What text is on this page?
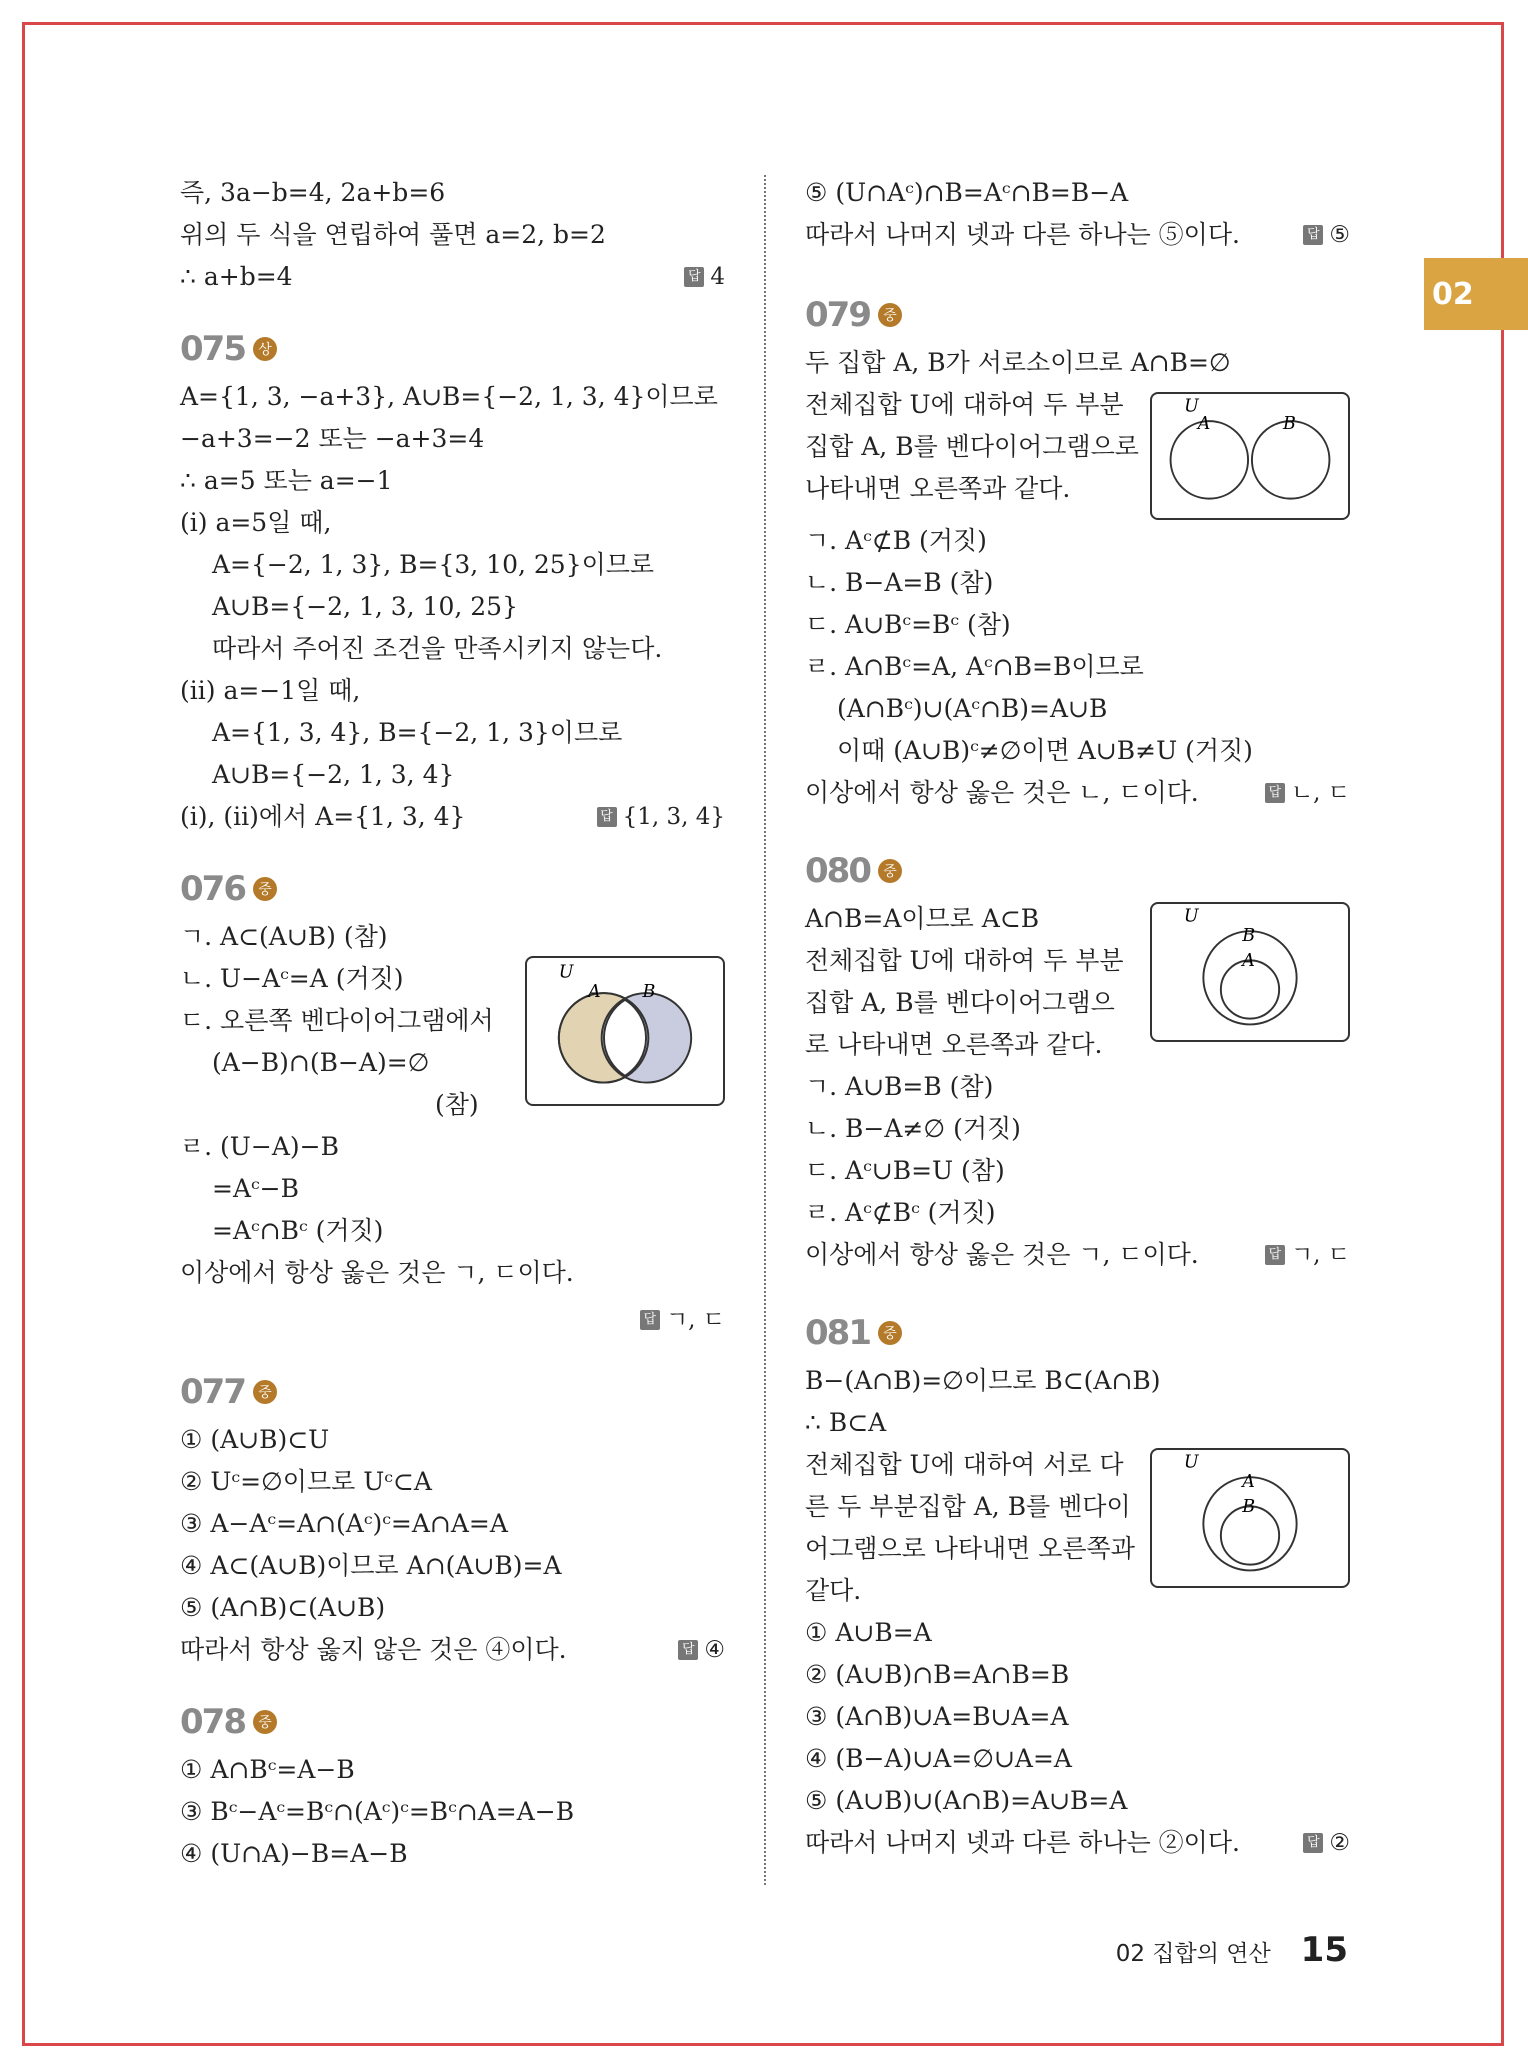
02
즉, 3a−b=4, 2a+b=6
위의 두 식을 연립하여 풀면 a=2, b=2
∴ a+b=4	답 4
075 상
A={1, 3, −a+3}, A∪B={−2, 1, 3, 4}이므로
−a+3=−2 또는 −a+3=4
∴ a=5 또는 a=−1
(ⅰ) a=5일 때,
A={−2, 1, 3}, B={3, 10, 25}이므로
A∪B={−2, 1, 3, 10, 25}
따라서 주어진 조건을 만족시키지 않는다.
(ⅱ) a=−1일 때,
A={1, 3, 4}, B={−2, 1, 3}이므로
A∪B={−2, 1, 3, 4}
(ⅰ), (ⅱ)에서 A={1, 3, 4}	답 {1, 3, 4}
076 중
ㄱ. A⊂(A∪B) (참)
ㄴ. U−Aᶜ=A (거짓)
ㄷ. 오른쪽 벤다이어그램에서
(A−B)∩(B−A)=∅
(참)
U
A B
ㄹ. (U−A)−B
=Aᶜ−B
=Aᶜ∩Bᶜ (거짓)
이상에서 항상 옳은 것은 ㄱ, ㄷ이다.
답 ㄱ, ㄷ
077 중
① (A∪B)⊂U
② Uᶜ=∅이므로 Uᶜ⊂A
③ A−Aᶜ=A∩(Aᶜ)ᶜ=A∩A=A
④ A⊂(A∪B)이므로 A∩(A∪B)=A
⑤ (A∩B)⊂(A∪B)
따라서 항상 옳지 않은 것은 ④이다.	답 ④
078 중
① A∩Bᶜ=A−B
③ Bᶜ−Aᶜ=Bᶜ∩(Aᶜ)ᶜ=Bᶜ∩A=A−B
④ (U∩A)−B=A−B
⑤ (U∩Aᶜ)∩B=Aᶜ∩B=B−A
따라서 나머지 넷과 다른 하나는 ⑤이다.	답 ⑤
079 중
두 집합 A, B가 서로소이므로 A∩B=∅
전체집합 U에 대하여 두 부분
집합 A, B를 벤다이어그램으로
나타내면 오른쪽과 같다.
U
A	B
ㄱ. Aᶜ⊄B (거짓)
ㄴ. B−A=B (참)
ㄷ. A∪Bᶜ=Bᶜ (참)
ㄹ. A∩Bᶜ=A, Aᶜ∩B=B이므로
(A∩Bᶜ)∪(Aᶜ∩B)=A∪B
이때 (A∪B)ᶜ≠∅이면 A∪B≠U (거짓)
이상에서 항상 옳은 것은 ㄴ, ㄷ이다.	답 ㄴ, ㄷ
080 중
A∩B=A이므로 A⊂B
전체집합 U에 대하여 두 부분
집합 A, B를 벤다이어그램으
로 나타내면 오른쪽과 같다.
U
B
A
ㄱ. A∪B=B (참)
ㄴ. B−A≠∅ (거짓)
ㄷ. Aᶜ∪B=U (참)
ㄹ. Aᶜ⊄Bᶜ (거짓)
이상에서 항상 옳은 것은 ㄱ, ㄷ이다.	답 ㄱ, ㄷ
081 중
B−(A∩B)=∅이므로 B⊂(A∩B)
∴ B⊂A
전체집합 U에 대하여 서로 다
른 두 부분집합 A, B를 벤다이
어그램으로 나타내면 오른쪽과
같다.
U
A
B
① A∪B=A
② (A∪B)∩B=A∩B=B
③ (A∩B)∪A=B∪A=A
④ (B−A)∪A=∅∪A=A
⑤ (A∪B)∪(A∩B)=A∪B=A
따라서 나머지 넷과 다른 하나는 ②이다.	답 ②
02 집합의 연산 15
